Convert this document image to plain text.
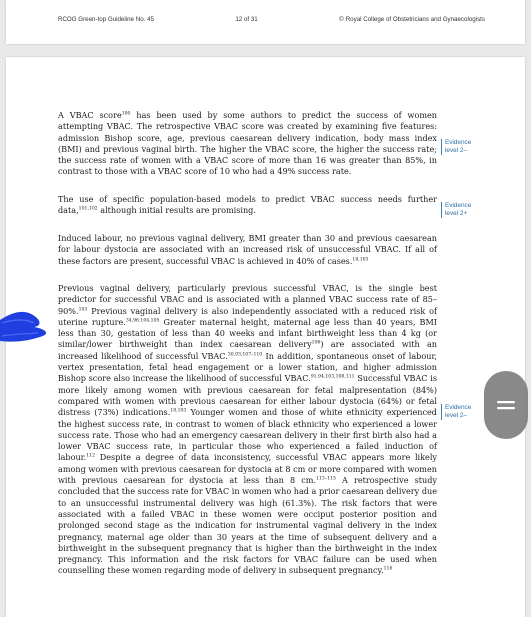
RCOG Green-top Guideline No. 45	12 of 31	© Royal College of Obstetricians and Gynaecologists

A VBAC score$^{100}$ has been used by some authors to predict the success of women attempting VBAC. The retrospective VBAC score was created by examining five features: admission Bishop score, age, previous caesarean delivery indication, body mass index (BMI) and previous vaginal birth. The higher the VBAC score, the higher the success rate; the success rate of women with a VBAC score of more than 16 was greater than 85%, in contrast to those with a VBAC score of 10 who had a 49% success rate.

The use of specific population-based models to predict VBAC success needs further data,$^{101,102}$ although initial results are promising.

Induced labour, no previous vaginal delivery, BMI greater than 30 and previous caesarean for labour dystocia are associated with an increased risk of unsuccessful VBAC. If all of these factors are present, successful VBAC is achieved in 40% of cases.$^{18,103}$

Previous vaginal delivery, particularly previous successful VBAC, is the single best predictor for successful VBAC and is associated with a planned VBAC success rate of 85–90%.$^{103}$ Previous vaginal delivery is also independently associated with a reduced risk of uterine rupture.$^{34,96,104,105}$ Greater maternal height, maternal age less than 40 years, BMI less than 30, gestation of less than 40 weeks and infant birthweight less than 4 kg (or similar/lower birthweight than index caesarean delivery$^{106}$) are associated with an increased likelihood of successful VBAC.$^{30,93,107-110}$ In addition, spontaneous onset of labour, vertex presentation, fetal head engagement or a lower station, and higher admission Bishop score also increase the likelihood of successful VBAC.$^{91,94,103,108,111}$ Successful VBAC is more likely among women with previous caesarean for fetal malpresentation (84%) compared with women with previous caesarean for either labour dystocia (64%) or fetal distress (73%) indications.$^{18,103}$ Younger women and those of white ethnicity experienced the highest success rate, in contrast to women of black ethnicity who experienced a lower success rate. Those who had an emergency caesarean delivery in their first birth also had a lower VBAC success rate, in particular those who experienced a failed induction of labour.$^{112}$ Despite a degree of data inconsistency, successful VBAC appears more likely among women with previous caesarean for dystocia at 8 cm or more compared with women with previous caesarean for dystocia at less than 8 cm.$^{113-115}$ A retrospective study concluded that the success rate for VBAC in women who had a prior caesarean delivery due to an unsuccessful instrumental delivery was high (61.3%). The risk factors that were associated with a failed VBAC in these women were occiput posterior position and prolonged second stage as the indication for instrumental vaginal delivery in the index pregnancy, maternal age older than 30 years at the time of subsequent delivery and a birthweight in the subsequent pregnancy that is higher than the birthweight in the index pregnancy. This information and the risk factors for VBAC failure can be used when counselling these women regarding mode of delivery in subsequent pregnancy.$^{116}$

Evidence
level 2–
Evidence
level 2+
Evidence
level 2–
